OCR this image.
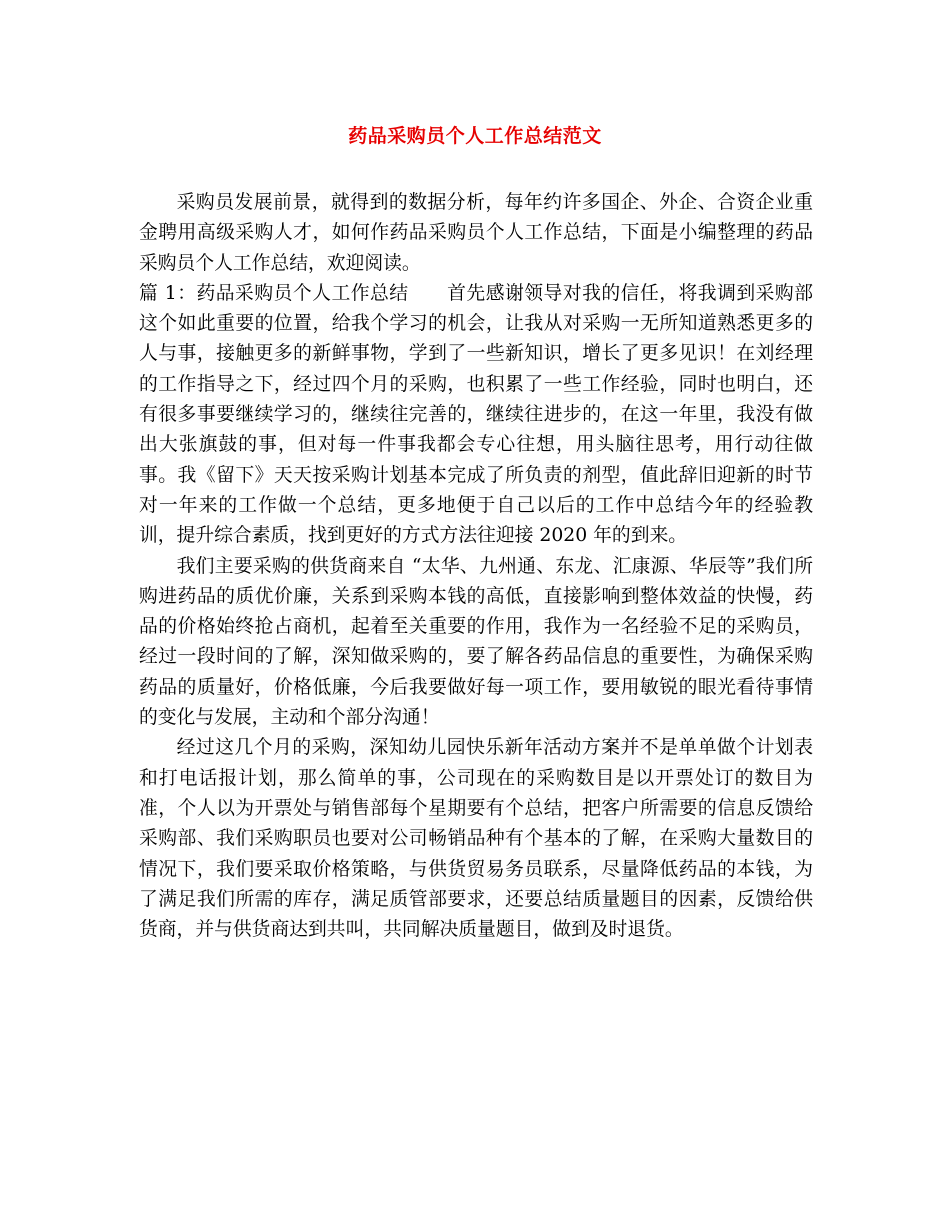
药品采购员个人工作总结范文

采购员发展前景，就得到的数据分析，每年约许多国企、外企、合资企业重金聘用高级采购人才，如何作药品采购员个人工作总结，下面是小编整理的药品采购员个人工作总结，欢迎阅读。

篇 1：药品采购员个人工作总结　　首先感谢领导对我的信任，将我调到采购部这个如此重要的位置，给我个学习的机会，让我从对采购一无所知道熟悉更多的人与事，接触更多的新鲜事物，学到了一些新知识，增长了更多见识！在刘经理的工作指导之下，经过四个月的采购，也积累了一些工作经验，同时也明白，还有很多事要继续学习的，继续往完善的，继续往进步的，在这一年里，我没有做出大张旗鼓的事，但对每一件事我都会专心往想，用头脑往思考，用行动往做事。我《留下》天天按采购计划基本完成了所负责的剂型，值此辞旧迎新的时节对一年来的工作做一个总结，更多地便于自己以后的工作中总结今年的经验教训，提升综合素质，找到更好的方式方法往迎接 2020 年的到来。

我们主要采购的供货商来自 “太华、九州通、东龙、汇康源、华辰等”我们所购进药品的质优价廉，关系到采购本钱的高低，直接影响到整体效益的快慢，药品的价格始终抢占商机，起着至关重要的作用，我作为一名经验不足的采购员，经过一段时间的了解，深知做采购的，要了解各药品信息的重要性，为确保采购药品的质量好，价格低廉，今后我要做好每一项工作，要用敏锐的眼光看待事情的变化与发展，主动和个部分沟通！

经过这几个月的采购，深知幼儿园快乐新年活动方案并不是单单做个计划表和打电话报计划，那么简单的事，公司现在的采购数目是以开票处订的数目为准，个人以为开票处与销售部每个星期要有个总结，把客户所需要的信息反馈给采购部、我们采购职员也要对公司畅销品种有个基本的了解，在采购大量数目的情况下，我们要采取价格策略，与供货贸易务员联系，尽量降低药品的本钱，为了满足我们所需的库存，满足质管部要求，还要总结质量题目的因素，反馈给供货商，并与供货商达到共叫，共同解决质量题目，做到及时退货。
